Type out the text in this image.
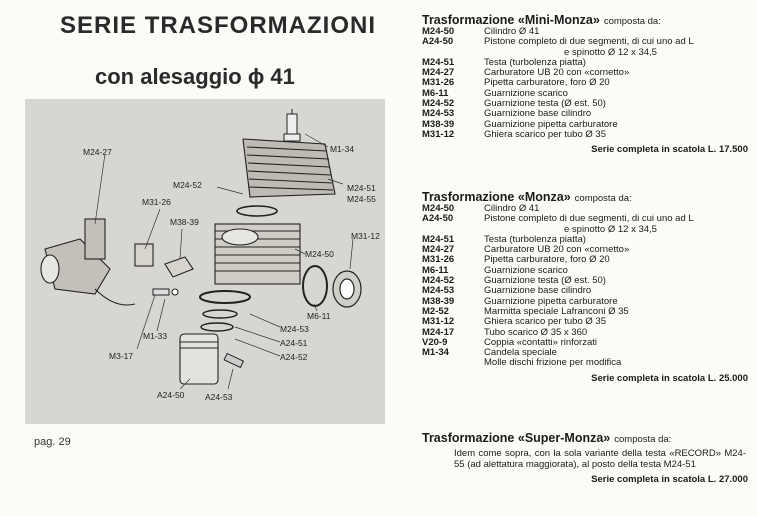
SERIE TRASFORMAZIONI
con alesaggio ϕ 41
M24-27
M24-52
M1-34
M24-51
M24-55
M31-26
M38-39
M31-12
M24-50
M6-11
M24-53
A24-51
A24-52
M1-33
M3-17
A24-50 A24-53
pag. 29
Trasformazione «Mini-Monza» composta da:
M24-50	Cilindro Ø 41
A24-50	Pistone completo di due segmenti, di cui uno ad L
e spinotto Ø 12 x 34,5
M24-51	Testa (turbolenza piatta)
M24-27	Carburatore UB 20 con «cornetto»
M31-26	Pipetta carburatore, foro Ø 20
M6-11	Guarnizione scarico
M24-52	Guarnizione testa (Ø est. 50)
M24-53	Guarnizione base cilindro
M38-39	Guarnizione pipetta carburatore
M31-12	Ghiera scarico per tubo Ø 35
Serie completa in scatola L. 17.500
Trasformazione «Monza» composta da:
M24-50	Cilindro Ø 41
A24-50	Pistone completo di due segmenti, di cui uno ad L
e spinotto Ø 12 x 34,5
M24-51	Testa (turbolenza piatta)
M24-27	Carburatore UB 20 con «cornetto»
M31-26	Pipetta carburatore, foro Ø 20
M6-11	Guarnizione scarico
M24-52	Guarnizione testa (Ø est. 50)
M24-53	Guarnizione base cilindro
M38-39	Guarnizione pipetta carburatore
M2-52	Marmitta speciale Lafranconi Ø 35
M31-12	Ghiera scarico per tubo Ø 35
M24-17	Tubo scarico Ø 35 x 360
V20-9	Coppia «contatti» rinforzati
M1-34	Candela speciale
Molle dischi frizione per modifica
Serie completa in scatola L. 25.000
Trasformazione «Super-Monza» composta da:
Idem come sopra, con la sola variante della testa «RECORD» M24-55 (ad alettatura maggiorata), al posto della testa M24-51
Serie completa in scatola L. 27.000
